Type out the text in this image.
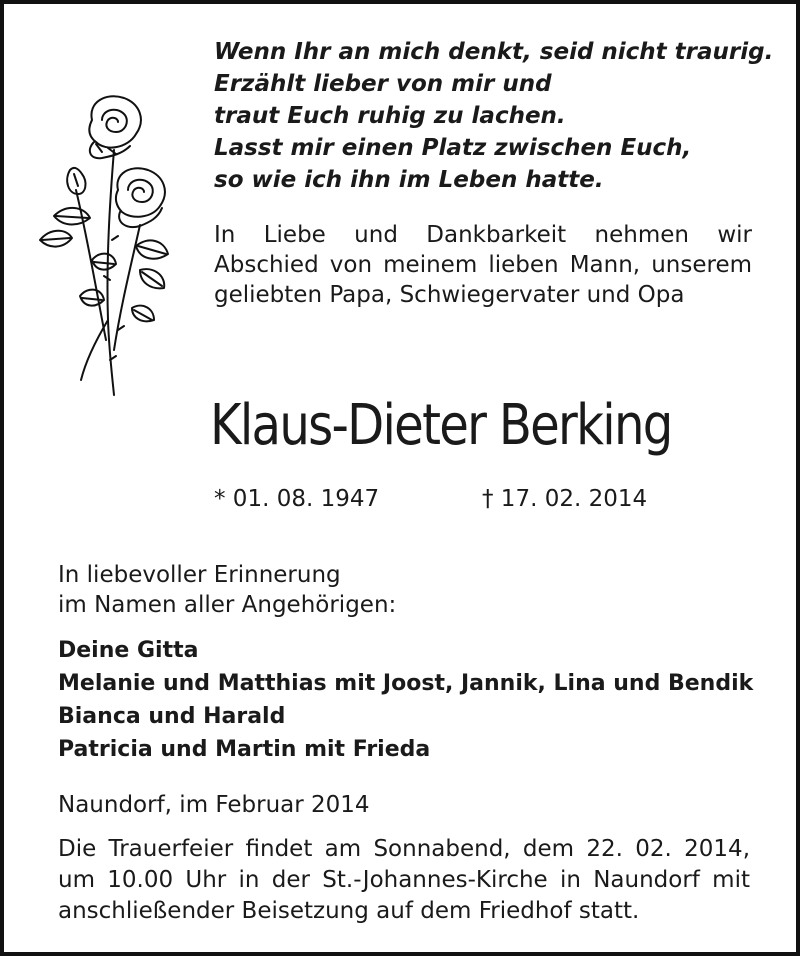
Wenn Ihr an mich denkt, seid nicht traurig.
Erzählt lieber von mir und
traut Euch ruhig zu lachen.
Lasst mir einen Platz zwischen Euch,
so wie ich ihn im Leben hatte.

In Liebe und Dankbarkeit nehmen wir Abschied von meinem lieben Mann, unserem geliebten Papa, Schwiegervater und Opa

Klaus-Dieter Berking
* 01. 08. 1947	† 17. 02. 2014

In liebevoller Erinnerung
im Namen aller Angehörigen:

Deine Gitta
Melanie und Matthias mit Joost, Jannik, Lina und Bendik
Bianca und Harald
Patricia und Martin mit Frieda
Naundorf, im Februar 2014

Die Trauerfeier findet am Sonnabend, dem 22. 02. 2014, um 10.00 Uhr in der St.-Johannes-Kirche in Naundorf mit anschließender Beisetzung auf dem Friedhof statt.
